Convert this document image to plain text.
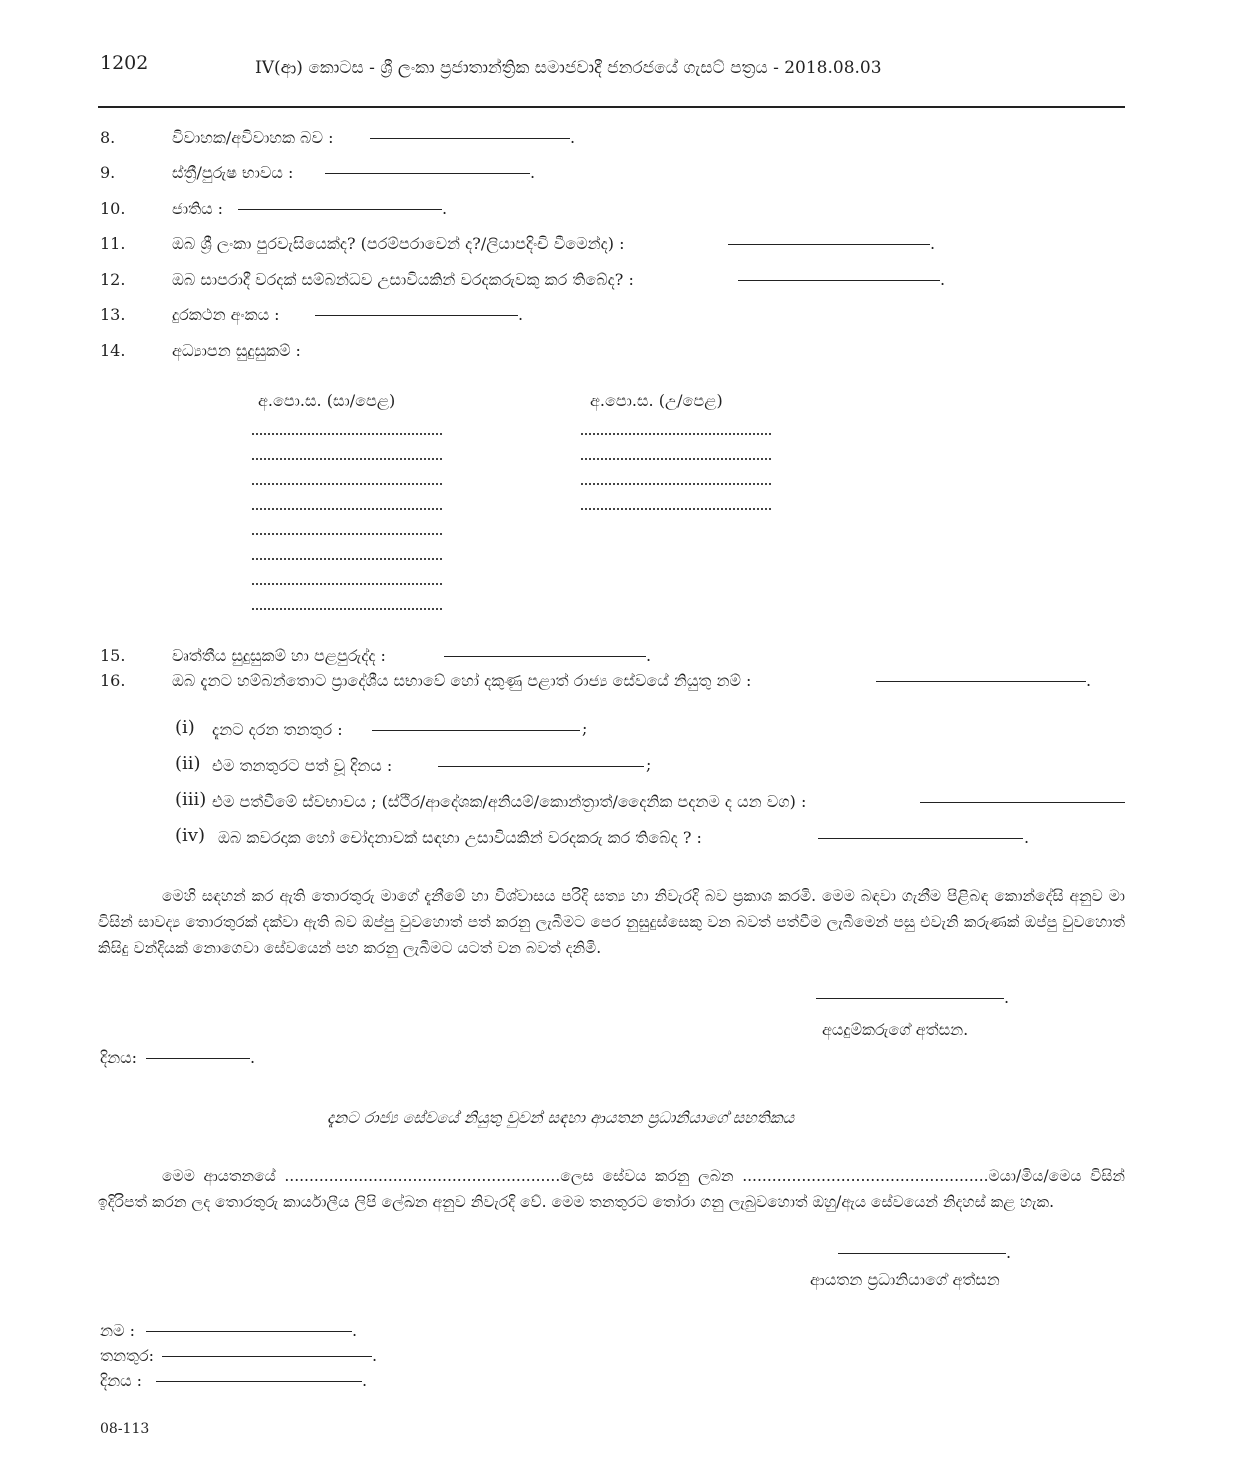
1202	IV(ආ) කොටස - ශ්‍රී ලංකා ප්‍රජාතාන්ත්‍රික සමාජවාදී ජනරජයේ ගැසට් පත්‍රය - 2018.08.03
8.	විවාහක/අවිවාහක බව :	.
9.	ස්ත්‍රී/පුරුෂ භාවය :	.
10.	ජාතිය :	.
11.	ඔබ ශ්‍රී ලංකා පුරවැසියෙක්ද? (පරම්පරාවෙන් ද?/ලියාපදිංචි වීමෙන්ද) :	.
12.	ඔබ සාපරාදී වරදක් සම්බන්ධව උසාවියකින් වරදකරුවකු කර තිබේද? :	.
13.	දුරකථන අංකය :	.
14.	අධ්‍යාපන සුදුසුකම් :
අ.පො.ස. (සා/පෙළ)	අ.පො.ස. (උ/පෙළ)
15.	වෘත්තීය සුදුසුකම් හා පළපුරුද්ද :	.
16.	ඔබ දැනට හම්බන්තොට ප්‍රාදේශීය සභාවේ හෝ දකුණු පළාත් රාජ්‍ය සේවයේ නියුතු නම් :	.
(i) දැනට දරන තනතුර :	;
(ii) එම තනතුරට පත් වූ දිනය :	;
(iii) එම පත්වීමේ ස්වභාවය ; (ස්ථිර/ආදේශක/අනියම්/කොන්ත්‍රාත්/දෛනික පදනම ද යන වග) :
(iv) ඔබ කවරදාක හෝ චෝදනාවක් සඳහා උසාවියකින් වරදකරු කර තිබේද ? :	.
මෙහි සඳහන් කර ඇති තොරතුරු මාගේ දැනීමේ හා විශ්වාසය පරිදි සත්‍ය හා නිවැරදි බව ප්‍රකාශ කරමි. මෙම බඳවා ගැනීම පිළිබඳ කොන්දේසි අනුව මා විසින් සාවද්‍ය තොරතුරක් දක්වා ඇති බව ඔප්පු වුවහොත් පත් කරනු ලැබීමට පෙර නුසුදුස්සෙකු වන බවත් පත්වීම ලැබීමෙන් පසු එවැනි කරුණක් ඔප්පු වුවහොත් කිසිදු වන්දියක් නොගෙවා සේවයෙන් පහ කරනු ලැබීමට යටත් වන බවත් දනිමි.
.
අයදුම්කරුගේ අත්සන.
දිනය:	.
දැනට රාජ්‍ය සේවයේ නියුතු වුවන් සඳහා ආයතන ප්‍රධානියාගේ සහතිකය
මෙම ආයතනයේ ........................................................ලෙස සේවය කරනු ලබන ..................................................මයා/මිය/මෙය විසින් ඉදිරිපත් කරන ලද තොරතුරු කාර්යාලීය ලිපි ලේඛන අනුව නිවැරදි වේ. මෙම තනතුරට තෝරා ගනු ලැබුවහොත් ඔහු/ඇය සේවයෙන් නිදහස් කළ හැක.
.
ආයතන ප්‍රධානියාගේ අත්සන
නම :	.
තනතුර:	.
දිනය :	.
08-113
